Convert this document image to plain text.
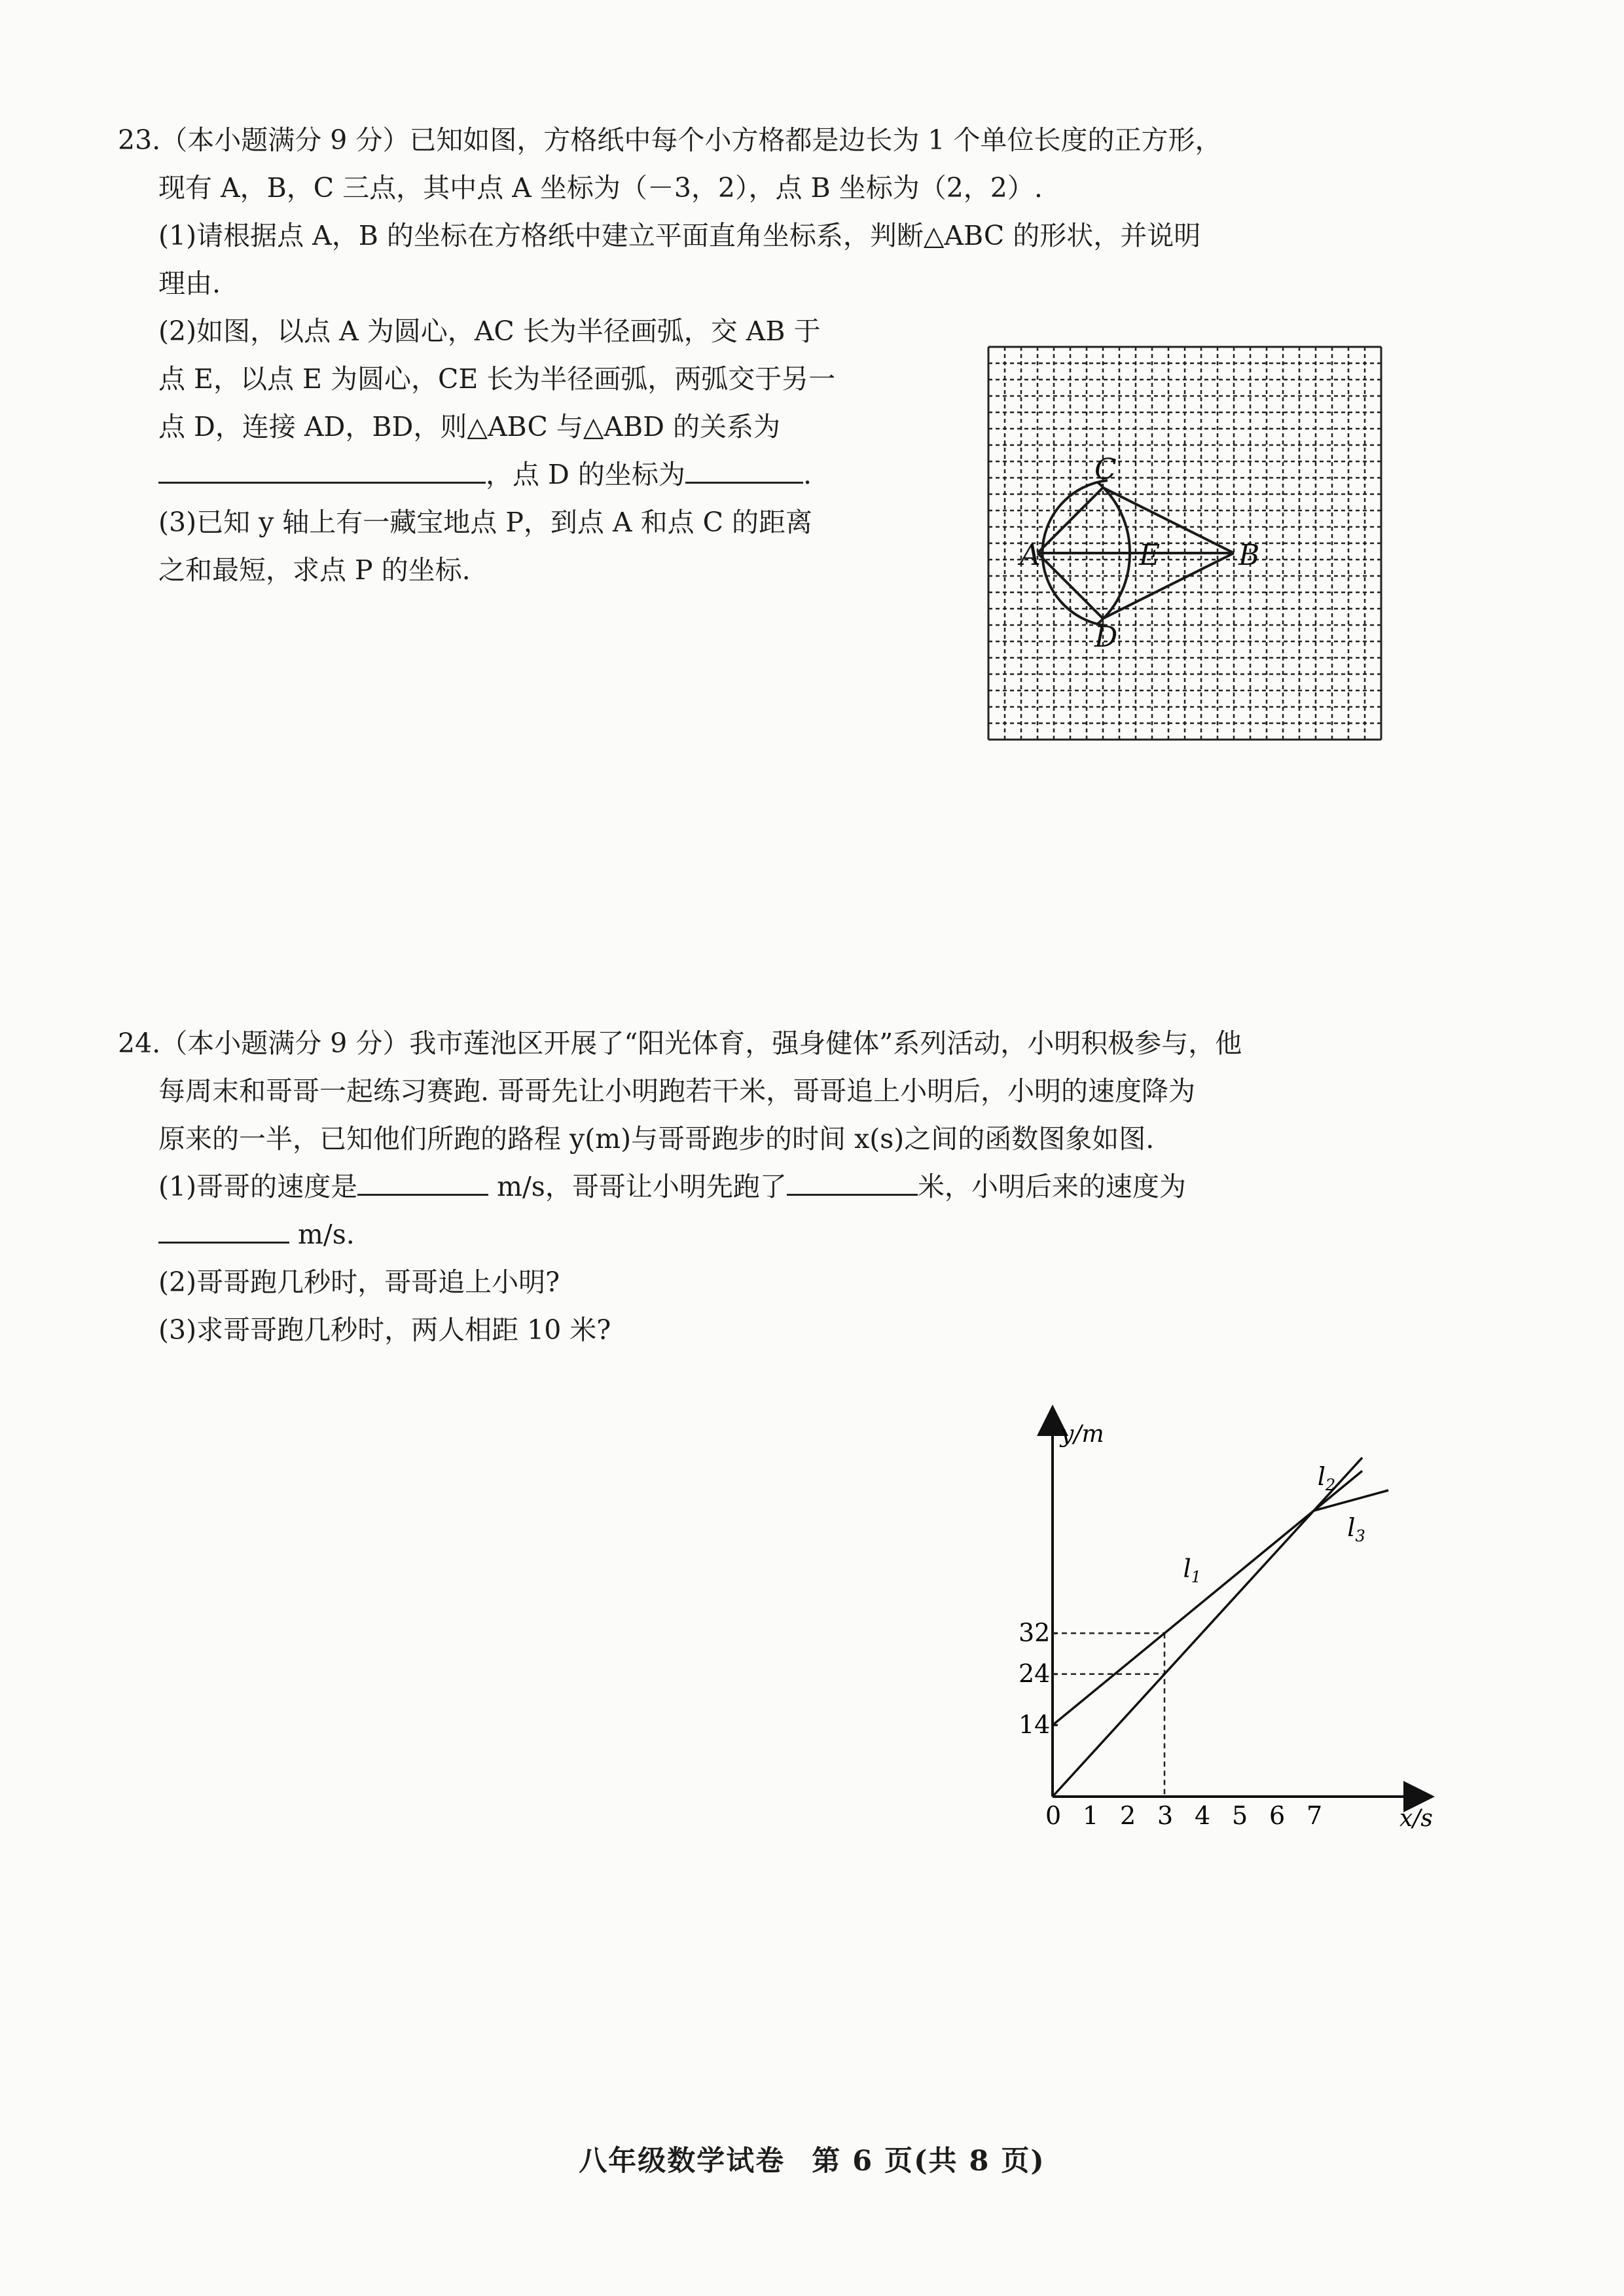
23.（本小题满分 9 分）已知如图，方格纸中每个小方格都是边长为 1 个单位长度的正方形，

现有 A，B，C 三点，其中点 A 坐标为（－3，2），点 B 坐标为（2，2）.

(1)请根据点 A，B 的坐标在方格纸中建立平面直角坐标系，判断△ABC 的形状，并说明

理由.

(2)如图，以点 A 为圆心，AC 长为半径画弧，交 AB 于

点 E，以点 E 为圆心，CE 长为半径画弧，两弧交于另一

点 D，连接 AD，BD，则△ABC 与△ABD 的关系为

，点 D 的坐标为	.

(3)已知 y 轴上有一藏宝地点 P，到点 A 和点 C 的距离

之和最短，求点 P 的坐标.	A	B
C
D
E

24.（本小题满分 9 分）我市莲池区开展了“阳光体育，强身健体”系列活动，小明积极参与，他

每周末和哥哥一起练习赛跑. 哥哥先让小明跑若干米，哥哥追上小明后，小明的速度降为

原来的一半，已知他们所跑的路程 y(m)与哥哥跑步的时间 x(s)之间的函数图象如图.

(1)哥哥的速度是	m/s，哥哥让小明先跑了	米，小明后来的速度为

m/s.

(2)哥哥跑几秒时，哥哥追上小明?

(3)求哥哥跑几秒时，两人相距 10 米?

y/m
x/s
0 1 2 3 4 5 6 7
14
24
32
$l_1$
$l_2$
$l_3$
八年级数学试卷 第 6 页(共 8 页)
